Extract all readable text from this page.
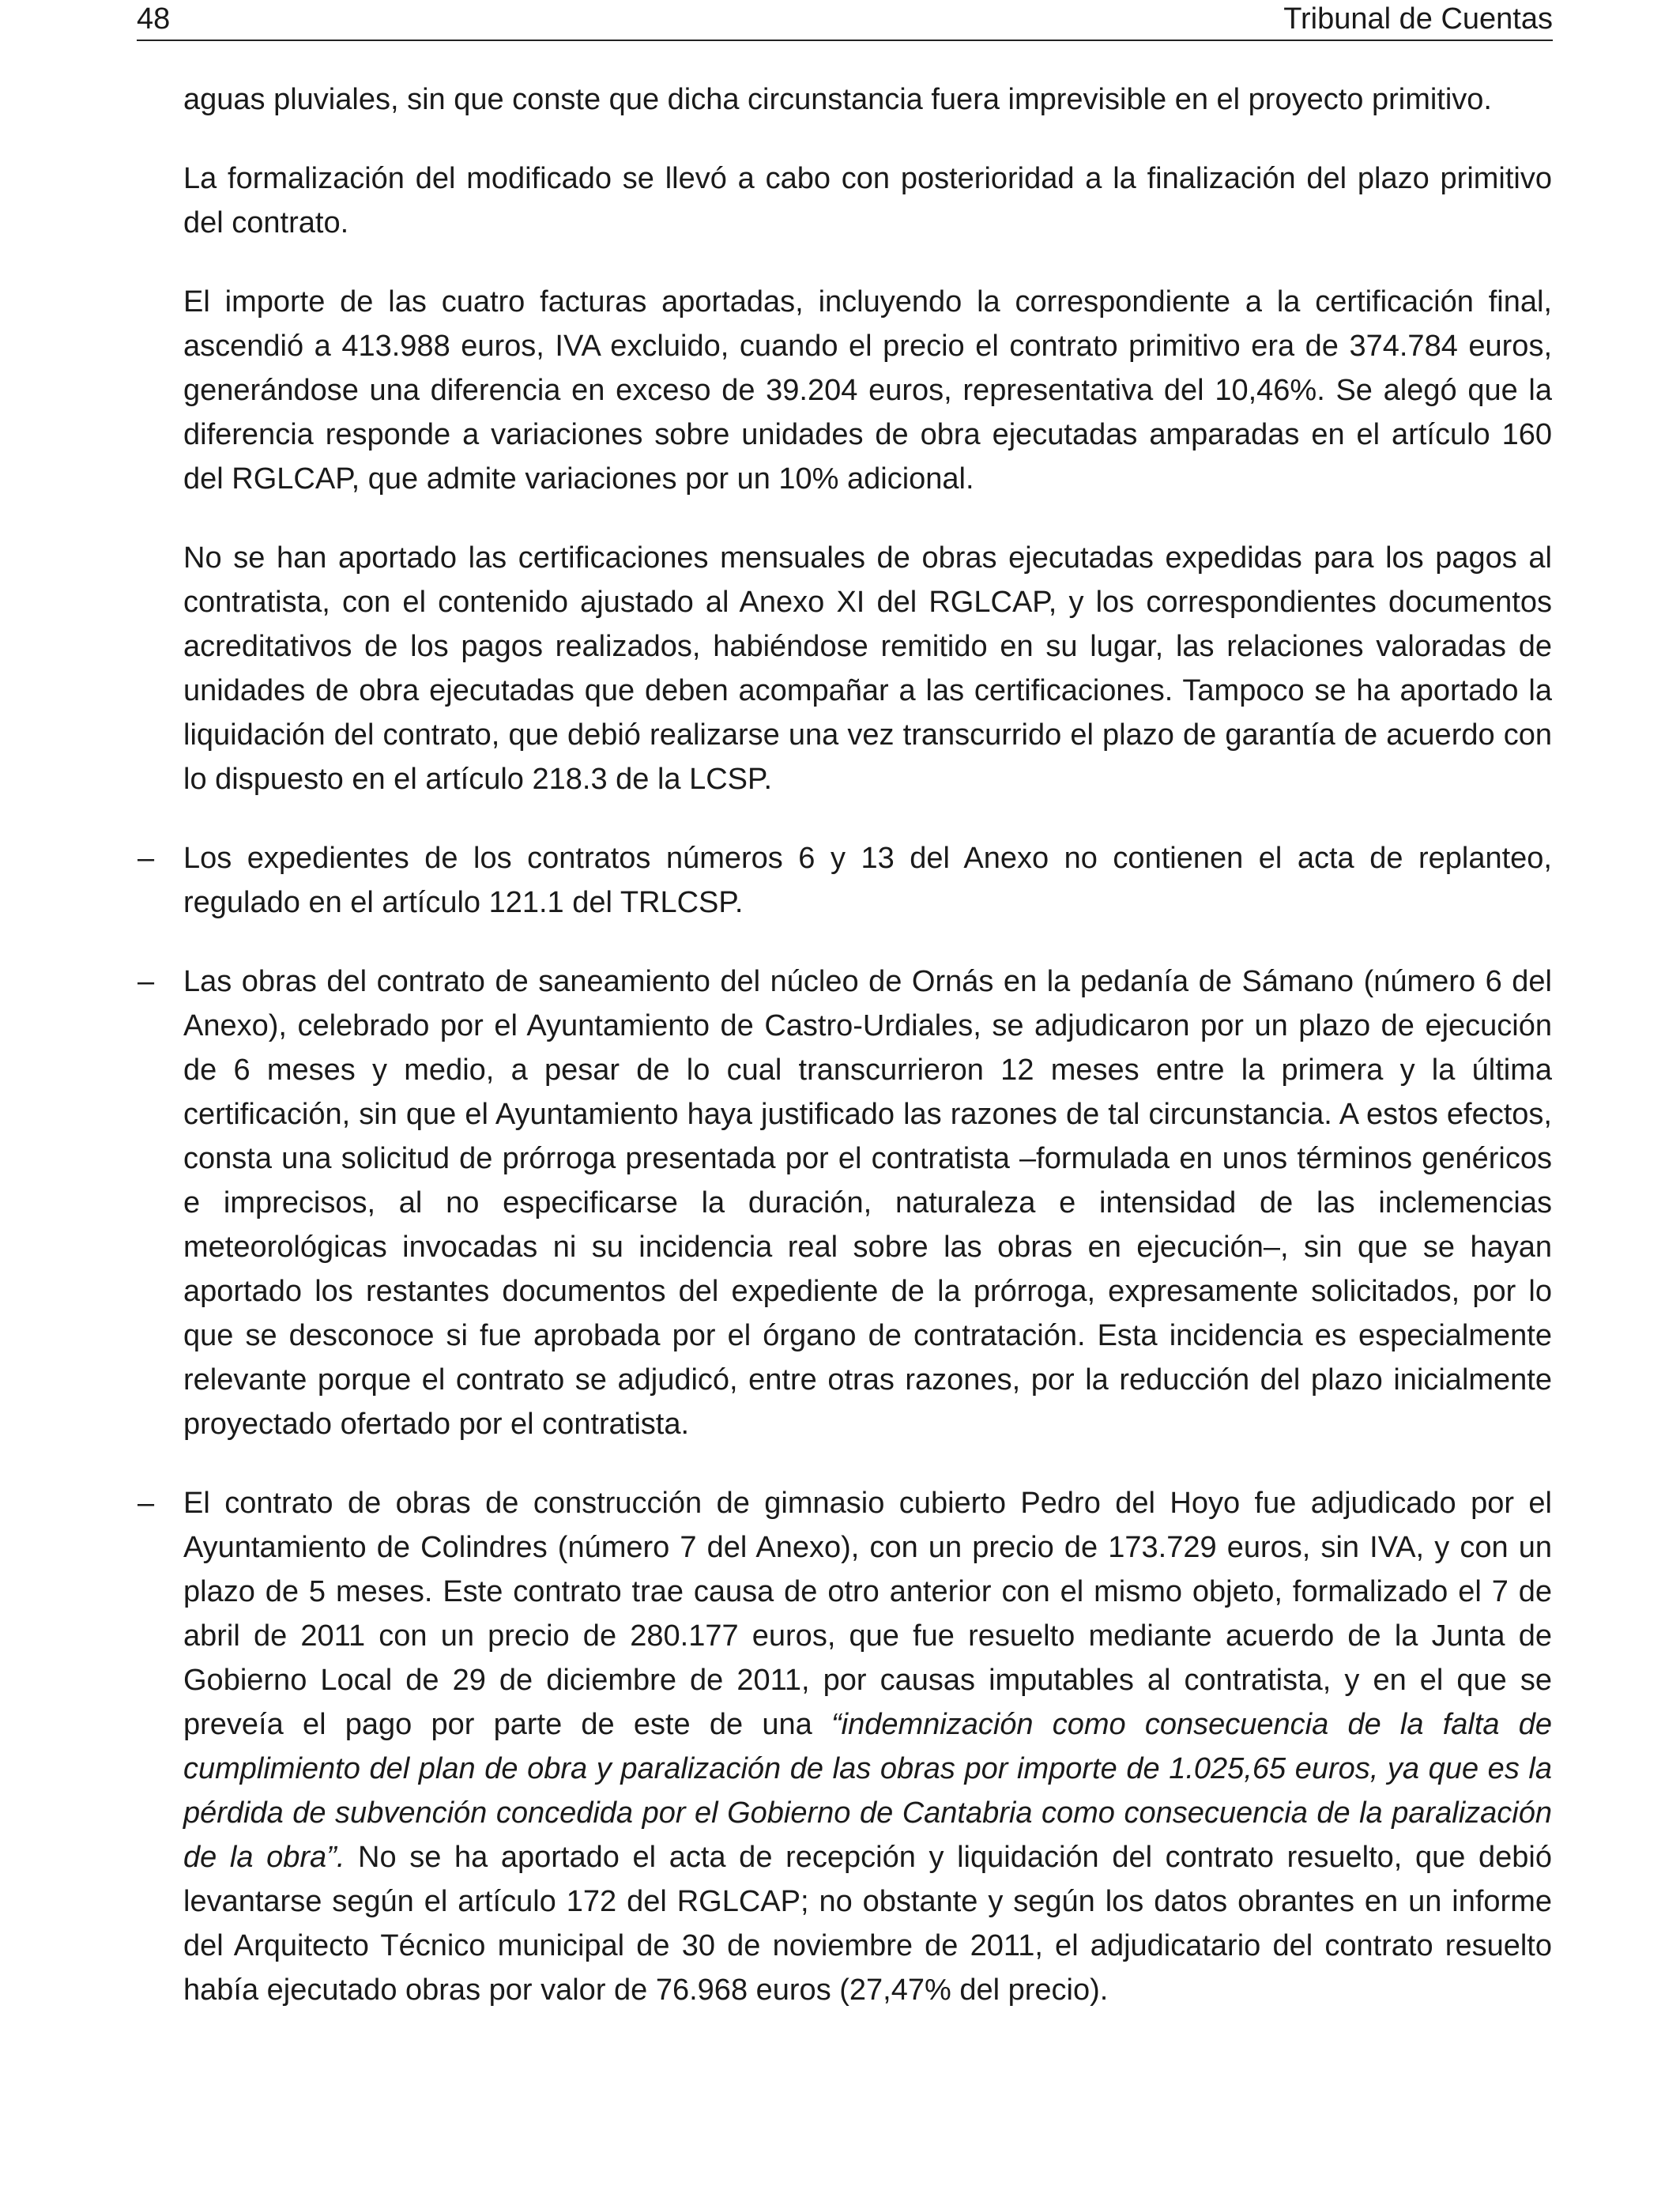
48	Tribunal de Cuentas

aguas pluviales, sin que conste que dicha circunstancia fuera imprevisible en el proyecto primitivo.

La formalización del modificado se llevó a cabo con posterioridad a la finalización del plazo primitivo del contrato.

El importe de las cuatro facturas aportadas, incluyendo la correspondiente a la certificación final, ascendió a 413.988 euros, IVA excluido, cuando el precio el contrato primitivo era de 374.784 euros, generándose una diferencia en exceso de 39.204 euros, representativa del 10,46%. Se alegó que la diferencia responde a variaciones sobre unidades de obra ejecutadas amparadas en el artículo 160 del RGLCAP, que admite variaciones por un 10% adicional.

No se han aportado las certificaciones mensuales de obras ejecutadas expedidas para los pagos al contratista, con el contenido ajustado al Anexo XI del RGLCAP, y los correspondientes documentos acreditativos de los pagos realizados, habiéndose remitido en su lugar, las relaciones valoradas de unidades de obra ejecutadas que deben acompañar a las certificaciones. Tampoco se ha aportado la liquidación del contrato, que debió realizarse una vez transcurrido el plazo de garantía de acuerdo con lo dispuesto en el artículo 218.3 de la LCSP.

– Los expedientes de los contratos números 6 y 13 del Anexo no contienen el acta de replanteo, regulado en el artículo 121.1 del TRLCSP.

– Las obras del contrato de saneamiento del núcleo de Ornás en la pedanía de Sámano (número 6 del Anexo), celebrado por el Ayuntamiento de Castro-Urdiales, se adjudicaron por un plazo de ejecución de 6 meses y medio, a pesar de lo cual transcurrieron 12 meses entre la primera y la última certificación, sin que el Ayuntamiento haya justificado las razones de tal circunstancia. A estos efectos, consta una solicitud de prórroga presentada por el contratista –formulada en unos términos genéricos e imprecisos, al no especificarse la duración, naturaleza e intensidad de las inclemencias meteorológicas invocadas ni su incidencia real sobre las obras en ejecución–, sin que se hayan aportado los restantes documentos del expediente de la prórroga, expresamente solicitados, por lo que se desconoce si fue aprobada por el órgano de contratación. Esta incidencia es especialmente relevante porque el contrato se adjudicó, entre otras razones, por la reducción del plazo inicialmente proyectado ofertado por el contratista.

– El contrato de obras de construcción de gimnasio cubierto Pedro del Hoyo fue adjudicado por el Ayuntamiento de Colindres (número 7 del Anexo), con un precio de 173.729 euros, sin IVA, y con un plazo de 5 meses. Este contrato trae causa de otro anterior con el mismo objeto, formalizado el 7 de abril de 2011 con un precio de 280.177 euros, que fue resuelto mediante acuerdo de la Junta de Gobierno Local de 29 de diciembre de 2011, por causas imputables al contratista, y en el que se preveía el pago por parte de este de una “indemnización como consecuencia de la falta de cumplimiento del plan de obra y paralización de las obras por importe de 1.025,65 euros, ya que es la pérdida de subvención concedida por el Gobierno de Cantabria como consecuencia de la paralización de la obra”. No se ha aportado el acta de recepción y liquidación del contrato resuelto, que debió levantarse según el artículo 172 del RGLCAP; no obstante y según los datos obrantes en un informe del Arquitecto Técnico municipal de 30 de noviembre de 2011, el adjudicatario del contrato resuelto había ejecutado obras por valor de 76.968 euros (27,47% del precio).
